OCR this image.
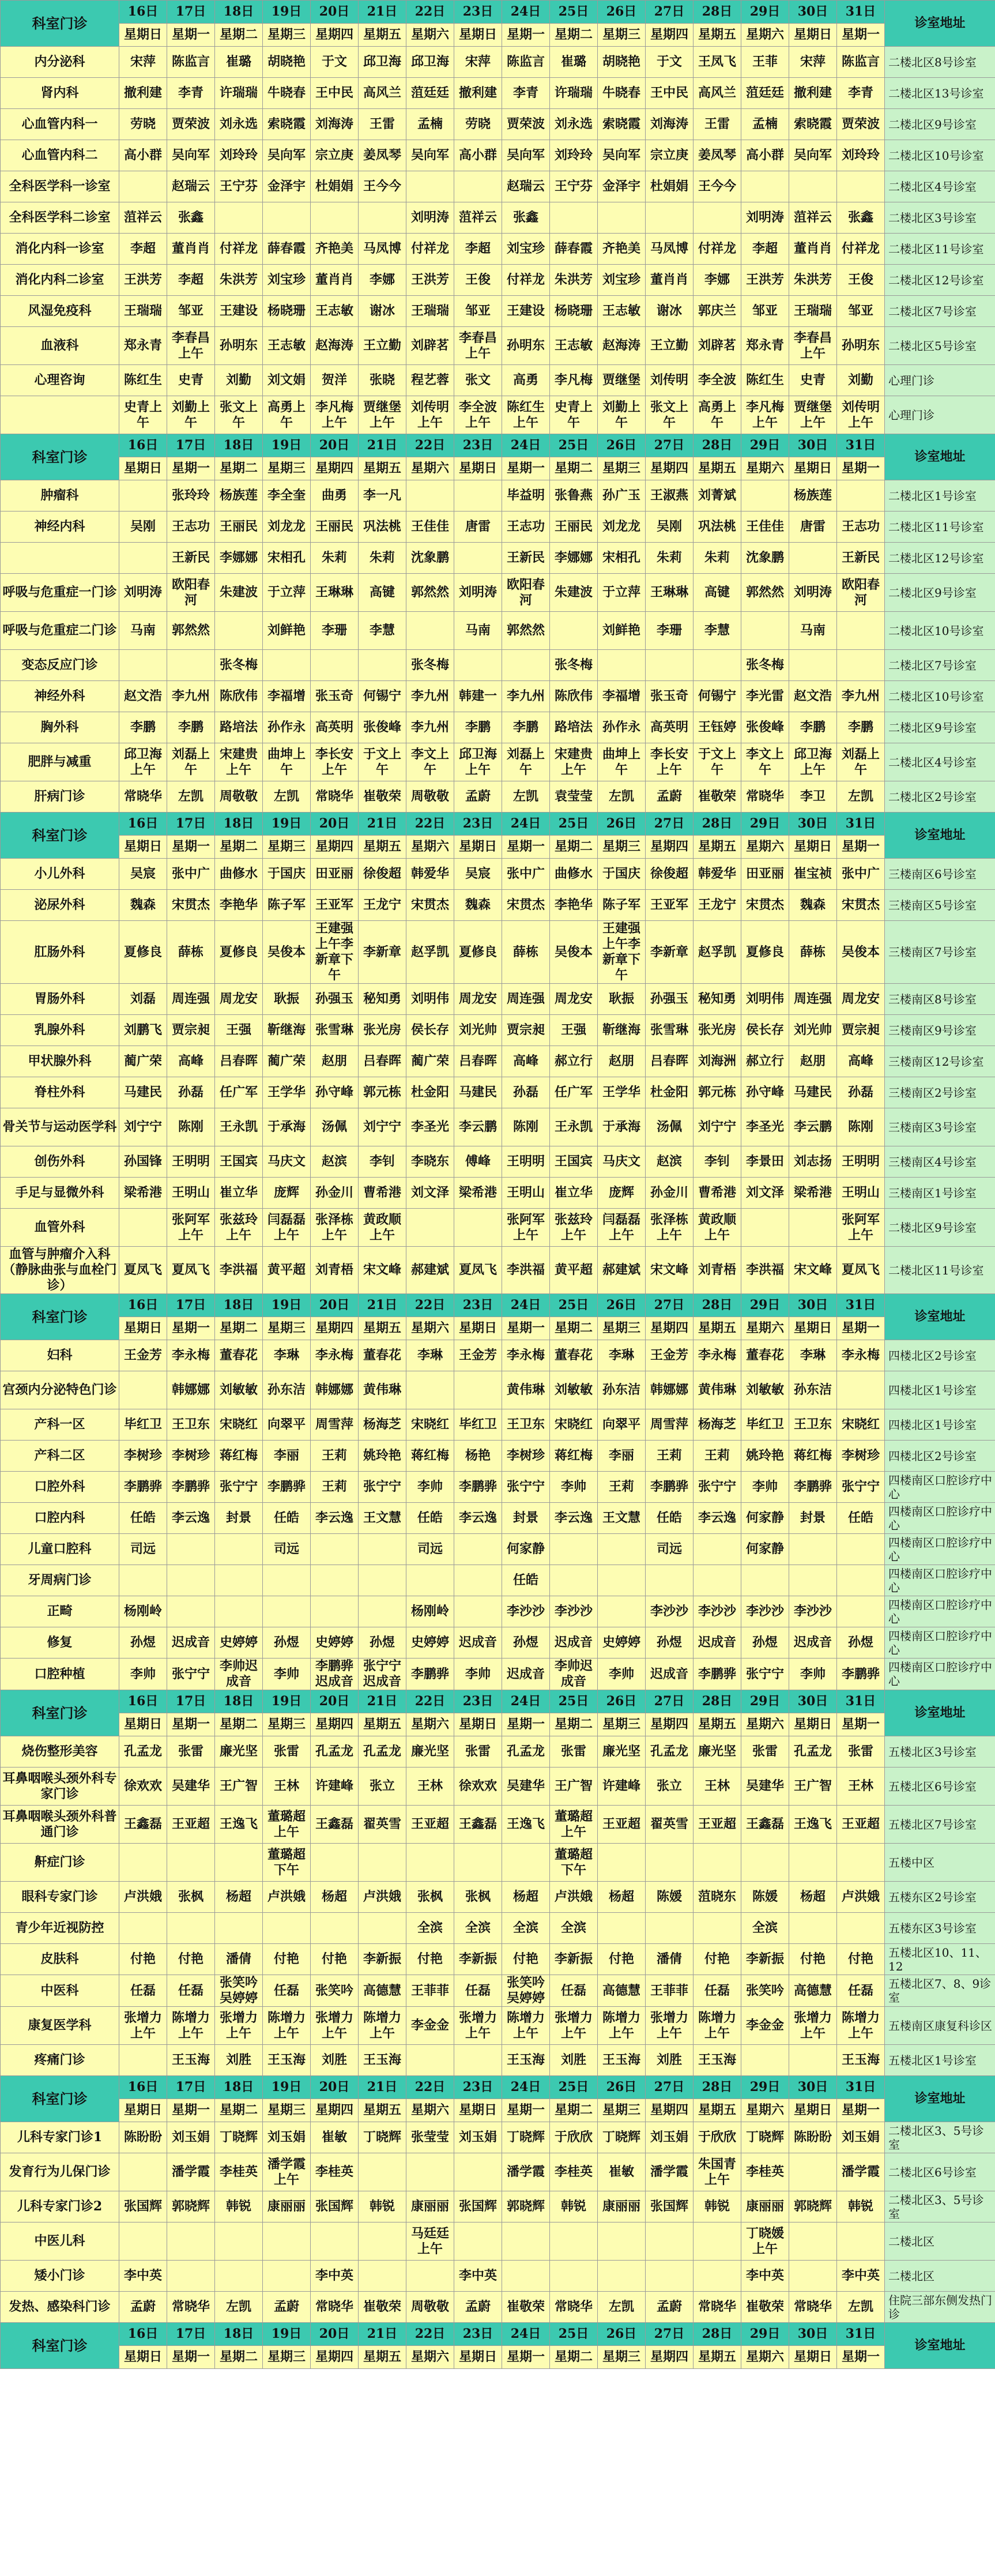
科室门诊	16日	17日	18日	19日	20日	21日	22日	23日	24日	25日	26日	27日	28日	29日	30日	31日	诊室地址
	星期日	星期一	星期二	星期三	星期四	星期五	星期六	星期日	星期一	星期二	星期三	星期四	星期五	星期六	星期日	星期一	
内分泌科	宋萍	陈监言	崔璐	胡晓艳	于文	邱卫海	邱卫海	宋萍	陈监言	崔璐	胡晓艳	于文	王凤飞	王菲	宋萍	陈监言	二楼北区8号诊室
肾内科	撤利建	李青	许瑞瑞	牛晓春	王中民	高风兰	菹廷廷	撤利建	李青	许瑞瑞	牛晓春	王中民	高风兰	菹廷廷	撤利建	李青	二楼北区13号诊室
心血管内科一	劳晓	贾荣波	刘永选	索晓霞	刘海涛	王雷	孟楠	劳晓	贾荣波	刘永选	索晓霞	刘海涛	王雷	孟楠	索晓霞	贾荣波	二楼北区9号诊室
心血管内科二	高小群	吴向军	刘玲玲	吴向军	宗立庚	姜凤琴	吴向军	高小群	吴向军	刘玲玲	吴向军	宗立庚	姜凤琴	高小群	吴向军	刘玲玲	二楼北区10号诊室
全科医学科一诊室		赵瑞云	王宁芬	金泽宇	杜娟娟	王今今			赵瑞云	王宁芬	金泽宇	杜娟娟	王今今				二楼北区4号诊室
全科医学科二诊室	菹祥云	张鑫					刘明涛	菹祥云	张鑫					刘明涛	菹祥云	张鑫	二楼北区3号诊室
消化内科一诊室	李超	董肖肖	付祥龙	薛春霞	齐艳美	马凤博	付祥龙	李超	刘宝珍	薛春霞	齐艳美	马凤博	付祥龙	李超	董肖肖	付祥龙	二楼北区11号诊室
消化内科二诊室	王洪芳	李超	朱洪芳	刘宝珍	董肖肖	李娜	王洪芳	王俊	付祥龙	朱洪芳	刘宝珍	董肖肖	李娜	王洪芳	朱洪芳	王俊	二楼北区12号诊室
风湿免疫科	王瑞瑞	邹亚	王建设	杨晓珊	王志敏	谢冰	王瑞瑞	邹亚	王建设	杨晓珊	王志敏	谢冰	郭庆兰	邹亚	王瑞瑞	邹亚	二楼北区7号诊室
血液科	郑永青	李春昌上午	孙明东	王志敏	赵海涛	王立勤	刘辟茗	李春昌上午	孙明东	王志敏	赵海涛	王立勤	刘辟茗	郑永青	李春昌上午	孙明东	二楼北区5号诊室
心理咨询	陈红生	史青	刘勤	刘文娟	贺洋	张晓	程艺蓉	张文	高勇	李凡梅	贾继堡	刘传明	李全波	陈红生	史青	刘勤	心理门诊
	史青上午	刘勤上午	张文上午	高勇上午	李凡梅上午	贾继堡上午	刘传明上午	李全波上午	陈红生上午	史青上午	刘勤上午	张文上午	高勇上午	李凡梅上午	贾继堡上午	刘传明上午	心理门诊
科室门诊	16日	17日	18日	19日	20日	21日	22日	23日	24日	25日	26日	27日	28日	29日	30日	31日	诊室地址
	星期日	星期一	星期二	星期三	星期四	星期五	星期六	星期日	星期一	星期二	星期三	星期四	星期五	星期六	星期日	星期一	
肿瘤科		张玲玲	杨族莲	李全奎	曲勇	李一凡			毕益明	张鲁燕	孙广玉	王淑燕	刘菁斌		杨族莲		二楼北区1号诊室
神经内科	吴刚	王志功	王丽民	刘龙龙	王丽民	巩法桃	王佳佳	唐雷	王志功	王丽民	刘龙龙	吴刚	巩法桃	王佳佳	唐雷	王志功	二楼北区11号诊室
		王新民	李娜娜	宋相孔	朱莉	朱莉	沈象鹏		王新民	李娜娜	宋相孔	朱莉	朱莉	沈象鹏		王新民	二楼北区12号诊室
呼吸与危重症一门诊	刘明涛	欧阳春河	朱建波	于立萍	王琳琳	高键	郭然然	刘明涛	欧阳春河	朱建波	于立萍	王琳琳	高键	郭然然	刘明涛	欧阳春河	二楼北区9号诊室
呼吸与危重症二门诊	马南	郭然然		刘鲜艳	李珊	李慧		马南	郭然然		刘鲜艳	李珊	李慧		马南		二楼北区10号诊室
变态反应门诊			张冬梅				张冬梅			张冬梅				张冬梅			二楼北区7号诊室
神经外科	赵文浩	李九州	陈欣伟	李福增	张玉奇	何锡宁	李九州	韩建一	李九州	陈欣伟	李福增	张玉奇	何锡宁	李光雷	赵文浩	李九州	二楼北区10号诊室
胸外科	李鹏	李鹏	路培法	孙作永	高英明	张俊峰	李九州	李鹏	李鹏	路培法	孙作永	高英明	王钰婷	张俊峰	李鹏	李鹏	二楼北区9号诊室
肥胖与减重	邱卫海上午	刘磊上午	宋建贵上午	曲坤上午	李长安上午	于文上午	李文上午	邱卫海上午	刘磊上午	宋建贵上午	曲坤上午	李长安上午	于文上午	李文上午	邱卫海上午	刘磊上午	二楼北区4号诊室
肝病门诊	常晓华	左凯	周敬敬	左凯	常晓华	崔敬荣	周敬敬	孟蔚	左凯	袁莹莹	左凯	孟蔚	崔敬荣	常晓华	李卫	左凯	二楼北区2号诊室
科室门诊	16日	17日	18日	19日	20日	21日	22日	23日	24日	25日	26日	27日	28日	29日	30日	31日	诊室地址
	星期日	星期一	星期二	星期三	星期四	星期五	星期六	星期日	星期一	星期二	星期三	星期四	星期五	星期六	星期日	星期一	
小儿外科	吴宸	张中广	曲修水	于国庆	田亚丽	徐俊超	韩爱华	吴宸	张中广	曲修水	于国庆	徐俊超	韩爱华	田亚丽	崔宝祯	张中广	三楼南区6号诊室
泌尿外科	魏森	宋贯杰	李艳华	陈子军	王亚军	王龙宁	宋贯杰	魏森	宋贯杰	李艳华	陈子军	王亚军	王龙宁	宋贯杰	魏森	宋贯杰	三楼南区5号诊室
肛肠外科	夏修良	薛栋	夏修良	吴俊本	王建强上午李新章下午	李新章	赵孚凯	夏修良	薛栋	吴俊本	王建强上午李新章下午	李新章	赵孚凯	夏修良	薛栋	吴俊本	三楼南区7号诊室
胃肠外科	刘磊	周连强	周龙安	耿振	孙强玉	秘知勇	刘明伟	周龙安	周连强	周龙安	耿振	孙强玉	秘知勇	刘明伟	周连强	周龙安	三楼南区8号诊室
乳腺外科	刘鹏飞	贾宗昶	王强	靳继海	张雪琳	张光房	侯长存	刘光帅	贾宗昶	王强	靳继海	张雪琳	张光房	侯长存	刘光帅	贾宗昶	三楼南区9号诊室
甲状腺外科	蔺广荣	高峰	吕春晖	蔺广荣	赵朋	吕春晖	蔺广荣	吕春晖	高峰	郝立行	赵朋	吕春晖	刘海洲	郝立行	赵朋	高峰	三楼南区12号诊室
脊柱外科	马建民	孙磊	任广军	王学华	孙守峰	郭元栋	杜金阳	马建民	孙磊	任广军	王学华	杜金阳	郭元栋	孙守峰	马建民	孙磊	三楼南区2号诊室
骨关节与运动医学科	刘宁宁	陈刚	王永凯	于承海	汤佩	刘宁宁	李圣光	李云鹏	陈刚	王永凯	于承海	汤佩	刘宁宁	李圣光	李云鹏	陈刚	三楼南区3号诊室
创伤外科	孙国锋	王明明	王国宾	马庆文	赵滨	李钊	李晓东	傅峰	王明明	王国宾	马庆文	赵滨	李钊	李景田	刘志扬	王明明	三楼南区4号诊室
手足与显微外科	梁希港	王明山	崔立华	庞辉	孙金川	曹希港	刘文泽	梁希港	王明山	崔立华	庞辉	孙金川	曹希港	刘文泽	梁希港	王明山	三楼南区1号诊室
血管外科		张阿军上午	张兹玲上午	闫磊磊上午	张泽栋上午	黄政顺上午			张阿军上午	张兹玲上午	闫磊磊上午	张泽栋上午	黄政顺上午			张阿军上午	二楼北区9号诊室
血管与肿瘤介入科（静脉曲张与血栓门诊）	夏凤飞	夏凤飞	李洪福	黄平超	刘青梧	宋文峰	郝建斌	夏凤飞	李洪福	黄平超	郝建斌	宋文峰	刘青梧	李洪福	宋文峰	夏凤飞	二楼北区11号诊室
科室门诊	16日	17日	18日	19日	20日	21日	22日	23日	24日	25日	26日	27日	28日	29日	30日	31日	诊室地址
	星期日	星期一	星期二	星期三	星期四	星期五	星期六	星期日	星期一	星期二	星期三	星期四	星期五	星期六	星期日	星期一	
妇科	王金芳	李永梅	董春花	李琳	李永梅	董春花	李琳	王金芳	李永梅	董春花	李琳	王金芳	李永梅	董春花	李琳	李永梅	四楼北区2号诊室
宫颈内分泌特色门诊		韩娜娜	刘敏敏	孙东洁	韩娜娜	黄伟琳			黄伟琳	刘敏敏	孙东洁	韩娜娜	黄伟琳	刘敏敏	孙东洁		四楼北区1号诊室
产科一区	毕红卫	王卫东	宋晓红	向翠平	周雪萍	杨海芝	宋晓红	毕红卫	王卫东	宋晓红	向翠平	周雪萍	杨海芝	毕红卫	王卫东	宋晓红	四楼北区1号诊室
产科二区	李树珍	李树珍	蒋红梅	李丽	王莉	姚玲艳	蒋红梅	杨艳	李树珍	蒋红梅	李丽	王莉	王莉	姚玲艳	蒋红梅	李树珍	四楼北区2号诊室
口腔外科	李鹏骅	李鹏骅	张宁宁	李鹏骅	王莉	张宁宁	李帅	李鹏骅	张宁宁	李帅	王莉	李鹏骅	张宁宁	李帅	李鹏骅	张宁宁	四楼南区口腔诊疗中心
口腔内科	任皓	李云逸	封景	任皓	李云逸	王文慧	任皓	李云逸	封景	李云逸	王文慧	任皓	李云逸	何家静	封景	任皓	四楼南区口腔诊疗中心
儿童口腔科	司远			司远			司远		何家静			司远		何家静			四楼南区口腔诊疗中心
牙周病门诊									任皓								四楼南区口腔诊疗中心
正畸	杨刚岭						杨刚岭		李沙沙	李沙沙		李沙沙	李沙沙	李沙沙	李沙沙		四楼南区口腔诊疗中心
修复	孙煜	迟成音	史婷婷	孙煜	史婷婷	孙煜	史婷婷	迟成音	孙煜	迟成音	史婷婷	孙煜	迟成音	孙煜	迟成音	孙煜	四楼南区口腔诊疗中心
口腔种植	李帅	张宁宁	李帅迟成音	李帅	李鹏骅迟成音	张宁宁迟成音	李鹏骅	李帅	迟成音	李帅迟成音	李帅	迟成音	李鹏骅	张宁宁	李帅	李鹏骅	四楼南区口腔诊疗中心
科室门诊	16日	17日	18日	19日	20日	21日	22日	23日	24日	25日	26日	27日	28日	29日	30日	31日	诊室地址
	星期日	星期一	星期二	星期三	星期四	星期五	星期六	星期日	星期一	星期二	星期三	星期四	星期五	星期六	星期日	星期一	
烧伤整形美容	孔孟龙	张雷	廉光坚	张雷	孔孟龙	孔孟龙	廉光坚	张雷	孔孟龙	张雷	廉光坚	孔孟龙	廉光坚	张雷	孔孟龙	张雷	五楼北区3号诊室
耳鼻咽喉头颈外科专家门诊	徐欢欢	吴建华	王广智	王林	许建峰	张立	王林	徐欢欢	吴建华	王广智	许建峰	张立	王林	吴建华	王广智	王林	五楼北区6号诊室
耳鼻咽喉头颈外科普通门诊	王鑫磊	王亚超	王逸飞	董璐超上午	王鑫磊	翟英雪	王亚超	王鑫磊	王逸飞	董璐超上午	王亚超	翟英雪	王亚超	王鑫磊	王逸飞	王亚超	五楼北区7号诊室
鼾症门诊				董璐超下午						董璐超下午							五楼中区
眼科专家门诊	卢洪娥	张枫	杨超	卢洪娥	杨超	卢洪娥	张枫	张枫	杨超	卢洪娥	杨超	陈媛	菹晓东	陈媛	杨超	卢洪娥	五楼东区2号诊室
青少年近视防控							全滨	全滨	全滨	全滨				全滨			五楼东区3号诊室
皮肤科	付艳	付艳	潘倩	付艳	付艳	李新振	付艳	李新振	付艳	李新振	付艳	潘倩	付艳	李新振	付艳	付艳	五楼北区10、11、12
中医科	任磊	任磊	张笑吟吴婷婷	任磊	张笑吟	高德慧	王菲菲	任磊	张笑吟吴婷婷	任磊	高德慧	王菲菲	任磊	张笑吟	高德慧	任磊	五楼北区7、8、9诊室
康复医学科	张增力上午	陈增力上午	张增力上午	陈增力上午	张增力上午	陈增力上午	李金金	张增力上午	陈增力上午	张增力上午	陈增力上午	张增力上午	陈增力上午	李金金	张增力上午	陈增力上午	五楼南区康复科诊区
疼痛门诊		王玉海	刘胜	王玉海	刘胜	王玉海			王玉海	刘胜	王玉海	刘胜	王玉海			王玉海	五楼北区1号诊室
科室门诊	16日	17日	18日	19日	20日	21日	22日	23日	24日	25日	26日	27日	28日	29日	30日	31日	诊室地址
	星期日	星期一	星期二	星期三	星期四	星期五	星期六	星期日	星期一	星期二	星期三	星期四	星期五	星期六	星期日	星期一	
儿科专家门诊1	陈盼盼	刘玉娟	丁晓辉	刘玉娟	崔敏	丁晓辉	张莹莹	刘玉娟	丁晓辉	于欣欣	丁晓辉	刘玉娟	于欣欣	丁晓辉	陈盼盼	刘玉娟	二楼北区3、5号诊室
发育行为儿保门诊		潘学霞	李桂英	潘学霞上午	李桂英				潘学霞	李桂英	崔敏	潘学霞	朱国青上午	李桂英		潘学霞	二楼北区6号诊室
儿科专家门诊2	张国辉	郭晓辉	韩锐	康丽丽	张国辉	韩锐	康丽丽	张国辉	郭晓辉	韩锐	康丽丽	张国辉	韩锐	康丽丽	郭晓辉	韩锐	二楼北区3、5号诊室
中医儿科							马廷廷上午							丁晓媛上午			二楼北区
矮小门诊	李中英				李中英			李中英						李中英		李中英	二楼北区
发热、感染科门诊	孟蔚	常晓华	左凯	孟蔚	常晓华	崔敬荣	周敬敬	孟蔚	崔敬荣	常晓华	左凯	孟蔚	常晓华	崔敬荣	常晓华	左凯	住院三部东侧发热门诊
科室门诊	16日	17日	18日	19日	20日	21日	22日	23日	24日	25日	26日	27日	28日	29日	30日	31日	诊室地址
	星期日	星期一	星期二	星期三	星期四	星期五	星期六	星期日	星期一	星期二	星期三	星期四	星期五	星期六	星期日	星期一	
